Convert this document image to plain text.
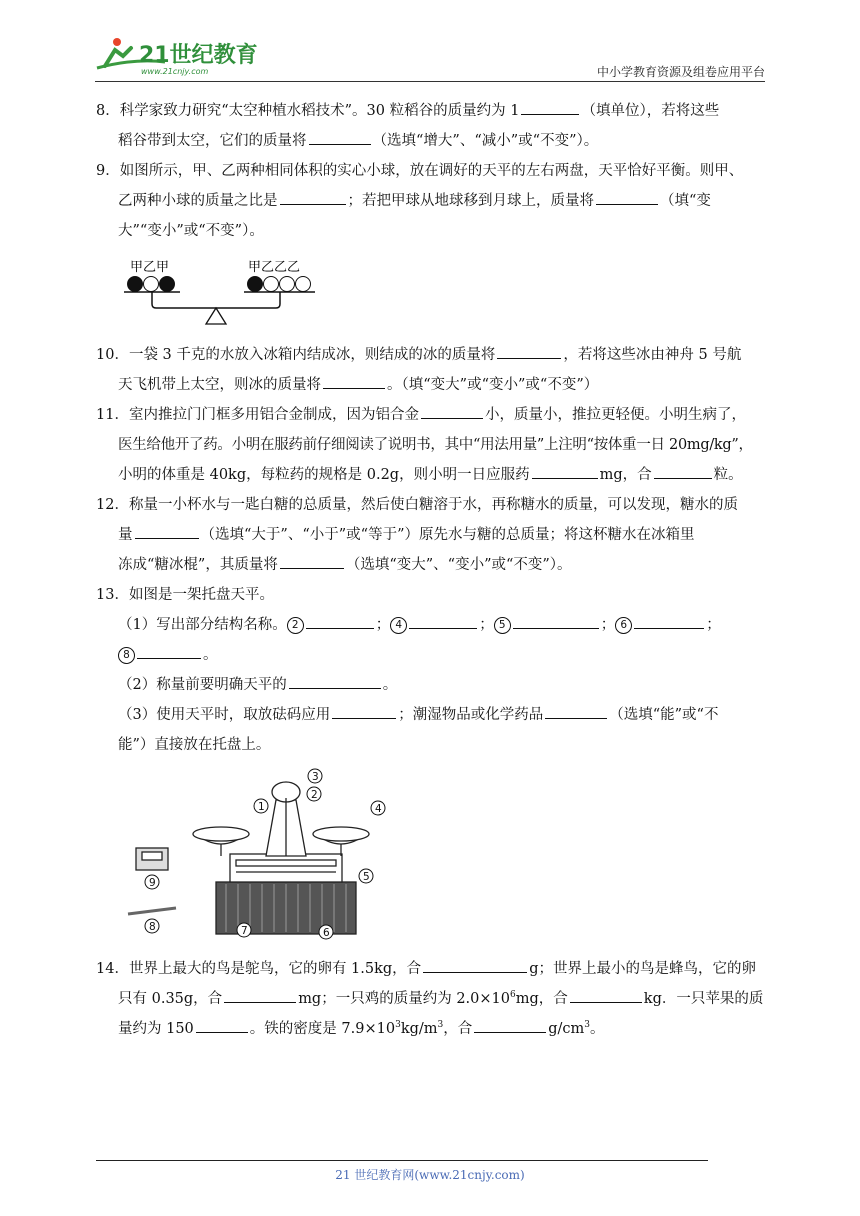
21世纪教育
www.21cnjy.com	中小学教育资源及组卷应用平台

8．科学家致力研究“太空种植水稻技术”。30 粒稻谷的质量约为 1	（填单位），若将这些

稻谷带到太空，它们的质量将	（选填“增大”、“减小”或“不变”）。

9．如图所示，甲、乙两种相同体积的实心小球，放在调好的天平的左右两盘，天平恰好平衡。则甲、

乙两种小球的质量之比是	；若把甲球从地球移到月球上，质量将	（填“变

大”“变小”或“不变”）。

甲乙甲	甲乙乙乙

10．一袋 3 千克的水放入冰箱内结成冰，则结成的冰的质量将	，若将这些冰由神舟 5 号航

天飞机带上太空，则冰的质量将	。（填“变大”或“变小”或“不变”）

11．室内推拉门门框多用铝合金制成，因为铝合金	小，质量小，推拉更轻便。小明生病了，

医生给他开了药。小明在服药前仔细阅读了说明书，其中“用法用量”上注明“按体重一日 20mg/kg”，

小明的体重是 40kg，每粒药的规格是 0.2g，则小明一日应服药	mg，合	粒。

12．称量一小杯水与一匙白糖的总质量，然后使白糖溶于水，再称糖水的质量，可以发现，糖水的质

量	（选填“大于”、“小于”或“等于”）原先水与糖的总质量；将这杯糖水在冰箱里

冻成“糖冰棍”，其质量将	（选填“变大”、“变小”或“不变”）。

13．如图是一架托盘天平。

（1）写出部分结构名称。 2	； 4	； 5	； 6	；

8	。

（2）称量前要明确天平的	。

（3）使用天平时，取放砝码应用	；潮湿物品或化学药品	（选填“能”或“不

能”）直接放在托盘上。

3
2
1	4
5
6
7
8
9

14．世界上最大的鸟是鸵鸟，它的卵有 1.5kg，合	g；世界上最小的鸟是蜂鸟，它的卵

只有 0.35g，合	mg；一只鸡的质量约为 $2.0\times 10^6mg$，合	kg．一只苹果的质

量约为 150	。铁的密度是 $7.9\times 10^3kg/m^3$，合	$g/cm^3$。

21 世纪教育网(www.21cnjy.com)
